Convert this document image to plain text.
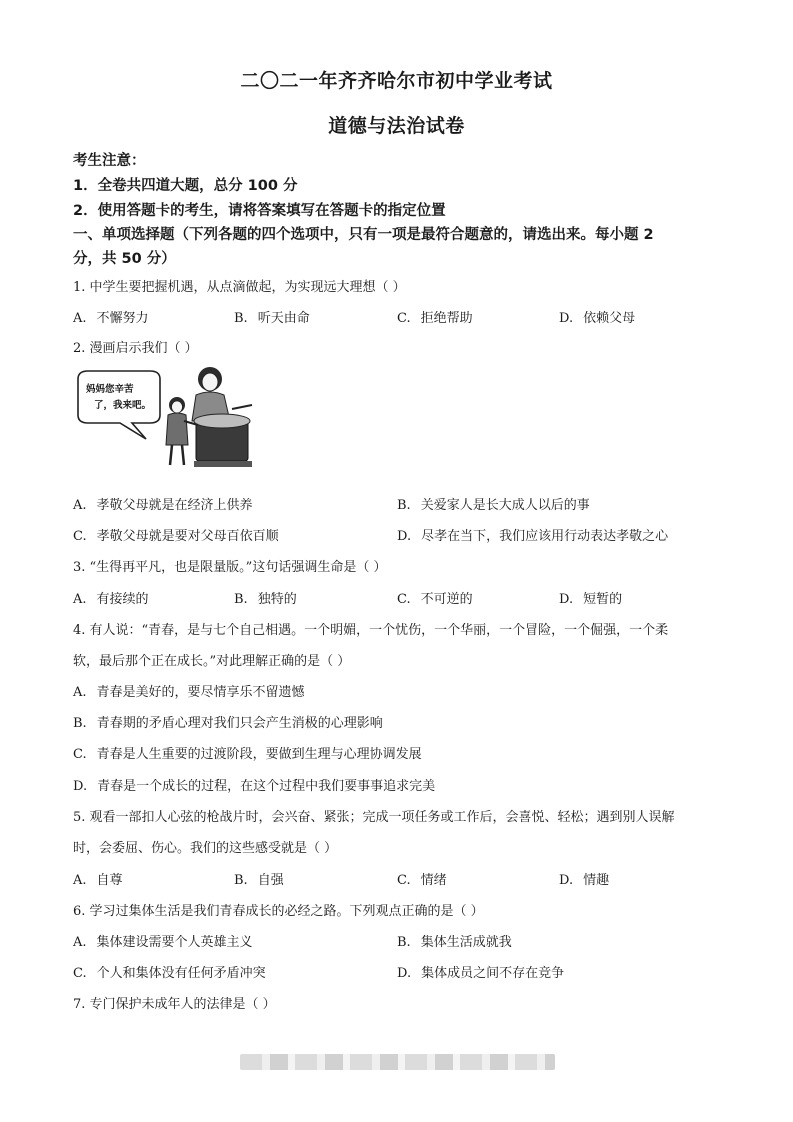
二〇二一年齐齐哈尔市初中学业考试
道德与法治试卷
考生注意：
1．全卷共四道大题，总分 100 分
2．使用答题卡的考生，请将答案填写在答题卡的指定位置
一、单项选择题（下列各题的四个选项中，只有一项是最符合题意的，请选出来。每小题 2
分，共 50 分）
1. 中学生要把握机遇，从点滴做起，为实现远大理想（ ）
A. 不懈努力	B. 听天由命	C. 拒绝帮助	D. 依赖父母
2. 漫画启示我们（ ）
妈妈您辛苦
了，我来吧。
A. 孝敬父母就是在经济上供养	B. 关爱家人是长大成人以后的事
C. 孝敬父母就是要对父母百依百顺	D. 尽孝在当下，我们应该用行动表达孝敬之心
3. “生得再平凡，也是限量版。”这句话强调生命是（ ）
A. 有接续的	B. 独特的	C. 不可逆的	D. 短暂的
4. 有人说：“青春，是与七个自己相遇。一个明媚，一个忧伤，一个华丽，一个冒险，一个倔强，一个柔
软，最后那个正在成长。”对此理解正确的是（ ）
A. 青春是美好的，要尽情享乐不留遗憾
B. 青春期的矛盾心理对我们只会产生消极的心理影响
C. 青春是人生重要的过渡阶段，要做到生理与心理协调发展
D. 青春是一个成长的过程，在这个过程中我们要事事追求完美
5. 观看一部扣人心弦的枪战片时，会兴奋、紧张；完成一项任务或工作后，会喜悦、轻松；遇到别人误解
时，会委屈、伤心。我们的这些感受就是（ ）
A. 自尊	B. 自强	C. 情绪	D. 情趣
6. 学习过集体生活是我们青春成长的必经之路。下列观点正确的是（ ）
A. 集体建设需要个人英雄主义	B. 集体生活成就我
C. 个人和集体没有任何矛盾冲突	D. 集体成员之间不存在竞争
7. 专门保护未成年人的法律是（ ）
